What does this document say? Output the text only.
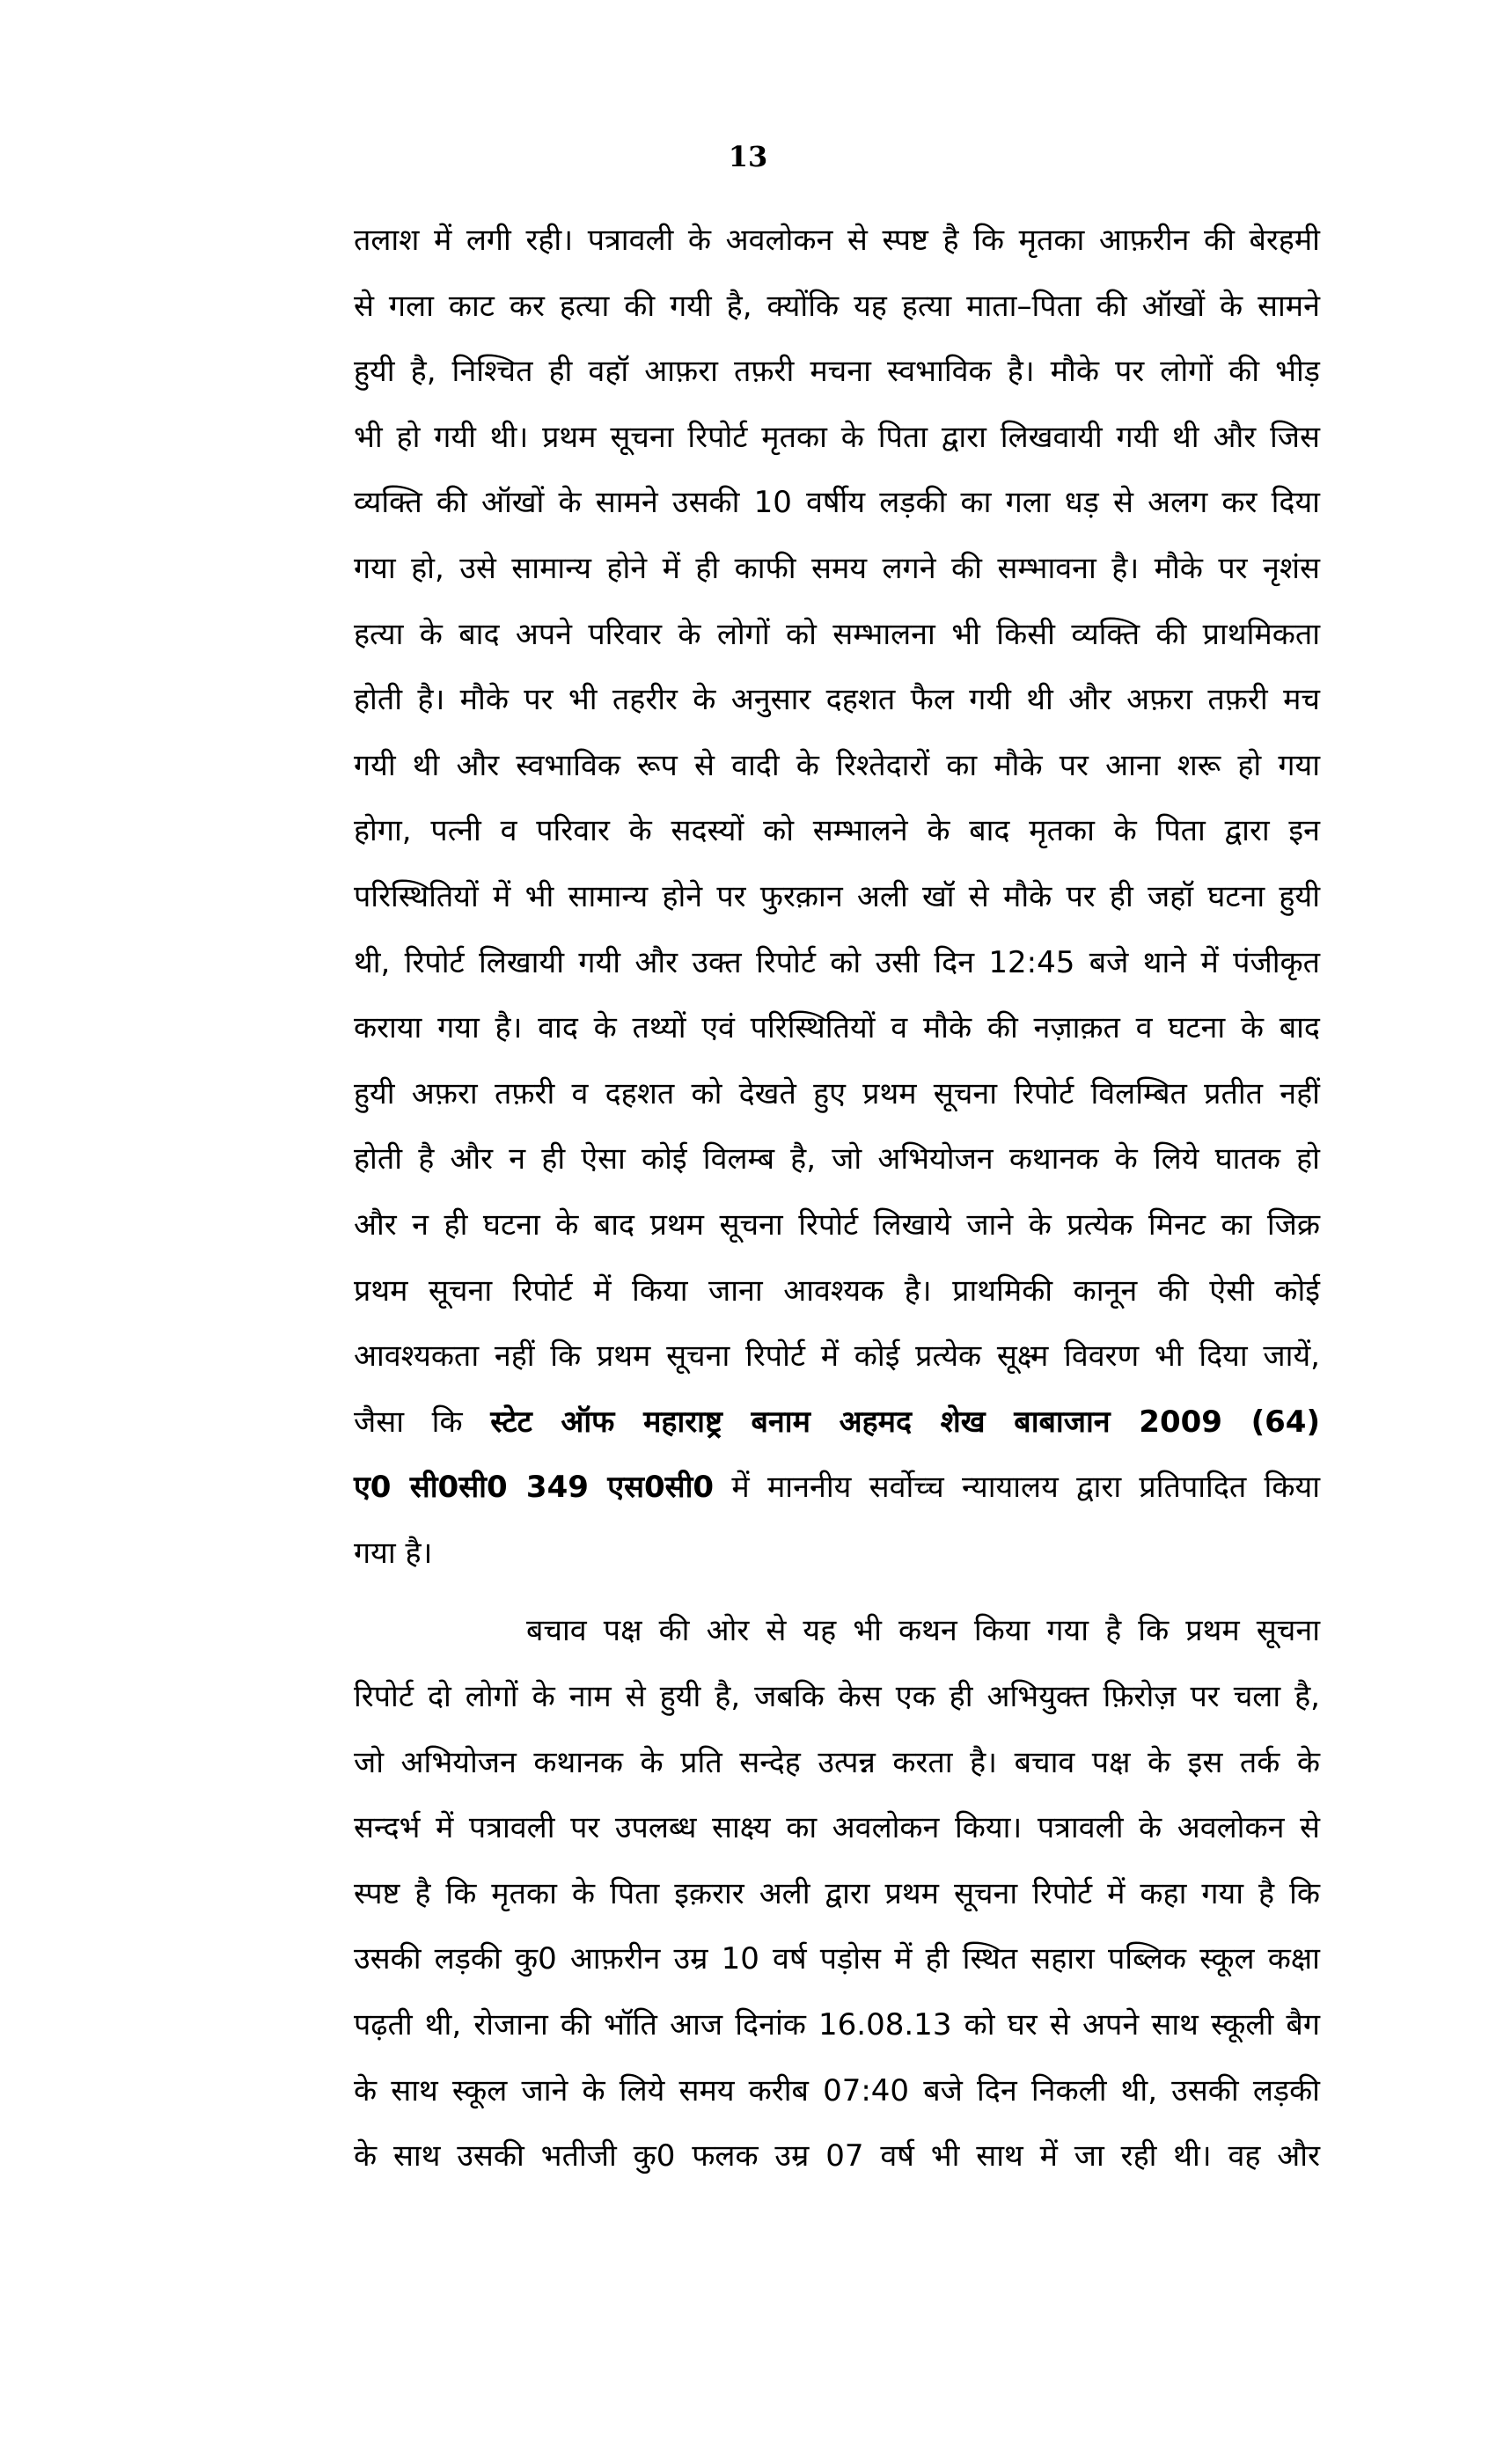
13
तलाश में लगी रही। पत्रावली के अवलोकन से स्पष्ट है कि मृतका आफ़रीन की बेरहमी
से गला काट कर हत्या की गयी है, क्योंकि यह हत्या माता–पिता की ऑखों के सामने
हुयी है, निश्चित ही वहॉ आफ़रा तफ़री मचना स्वभाविक है। मौके पर लोगों की भीड़
भी हो गयी थी। प्रथम सूचना रिपोर्ट मृतका के पिता द्वारा लिखवायी गयी थी और जिस
व्यक्ति की ऑखों के सामने उसकी 10 वर्षीय लड़की का गला धड़ से अलग कर दिया
गया हो, उसे सामान्य होने में ही काफी समय लगने की सम्भावना है। मौके पर नृशंस
हत्या के बाद अपने परिवार के लोगों को सम्भालना भी किसी व्यक्ति की प्राथमिकता
होती है। मौके पर भी तहरीर के अनुसार दहशत फैल गयी थी और अफ़रा तफ़री मच
गयी थी और स्वभाविक रूप से वादी के रिश्तेदारों का मौके पर आना शरू हो गया
होगा, पत्नी व परिवार के सदस्यों को सम्भालने के बाद मृतका के पिता द्वारा इन
परिस्थितियों में भी सामान्य होने पर फुरक़ान अली खॉ से मौके पर ही जहॉ घटना हुयी
थी, रिपोर्ट लिखायी गयी और उक्त रिपोर्ट को उसी दिन 12:45 बजे थाने में पंजीकृत
कराया गया है। वाद के तथ्यों एवं परिस्थितियों व मौके की नज़ाक़त व घटना के बाद
हुयी अफ़रा तफ़री व दहशत को देखते हुए प्रथम सूचना रिपोर्ट विलम्बित प्रतीत नहीं
होती है और न ही ऐसा कोई विलम्ब है, जो अभियोजन कथानक के लिये घातक हो
और न ही घटना के बाद प्रथम सूचना रिपोर्ट लिखाये जाने के प्रत्येक मिनट का जिक्र
प्रथम सूचना रिपोर्ट में किया जाना आवश्यक है। प्राथमिकी कानून की ऐसी कोई
आवश्यकता नहीं कि प्रथम सूचना रिपोर्ट में कोई प्रत्येक सूक्ष्म विवरण भी दिया जायें,
जैसा कि स्टेट ऑफ महाराष्ट्र बनाम अहमद शेख बाबाजान 2009 (64)
ए0 सी0सी0 349 एस0सी0 में माननीय सर्वोच्च न्यायालय द्वारा प्रतिपादित किया
गया है।
बचाव पक्ष की ओर से यह भी कथन किया गया है कि प्रथम सूचना
रिपोर्ट दो लोगों के नाम से हुयी है, जबकि केस एक ही अभियुक्त फ़िरोज़ पर चला है,
जो अभियोजन कथानक के प्रति सन्देह उत्पन्न करता है। बचाव पक्ष के इस तर्क के
सन्दर्भ में पत्रावली पर उपलब्ध साक्ष्य का अवलोकन किया। पत्रावली के अवलोकन से
स्पष्ट है कि मृतका के पिता इक़रार अली द्वारा प्रथम सूचना रिपोर्ट में कहा गया है कि
उसकी लड़की कु0 आफ़रीन उम्र 10 वर्ष पड़ोस में ही स्थित सहारा पब्लिक स्कूल कक्षा
पढ़ती थी, रोजाना की भॉति आज दिनांक 16.08.13 को घर से अपने साथ स्कूली बैग
के साथ स्कूल जाने के लिये समय करीब 07:40 बजे दिन निकली थी, उसकी लड़की
के साथ उसकी भतीजी कु0 फलक उम्र 07 वर्ष भी साथ में जा रही थी। वह और
